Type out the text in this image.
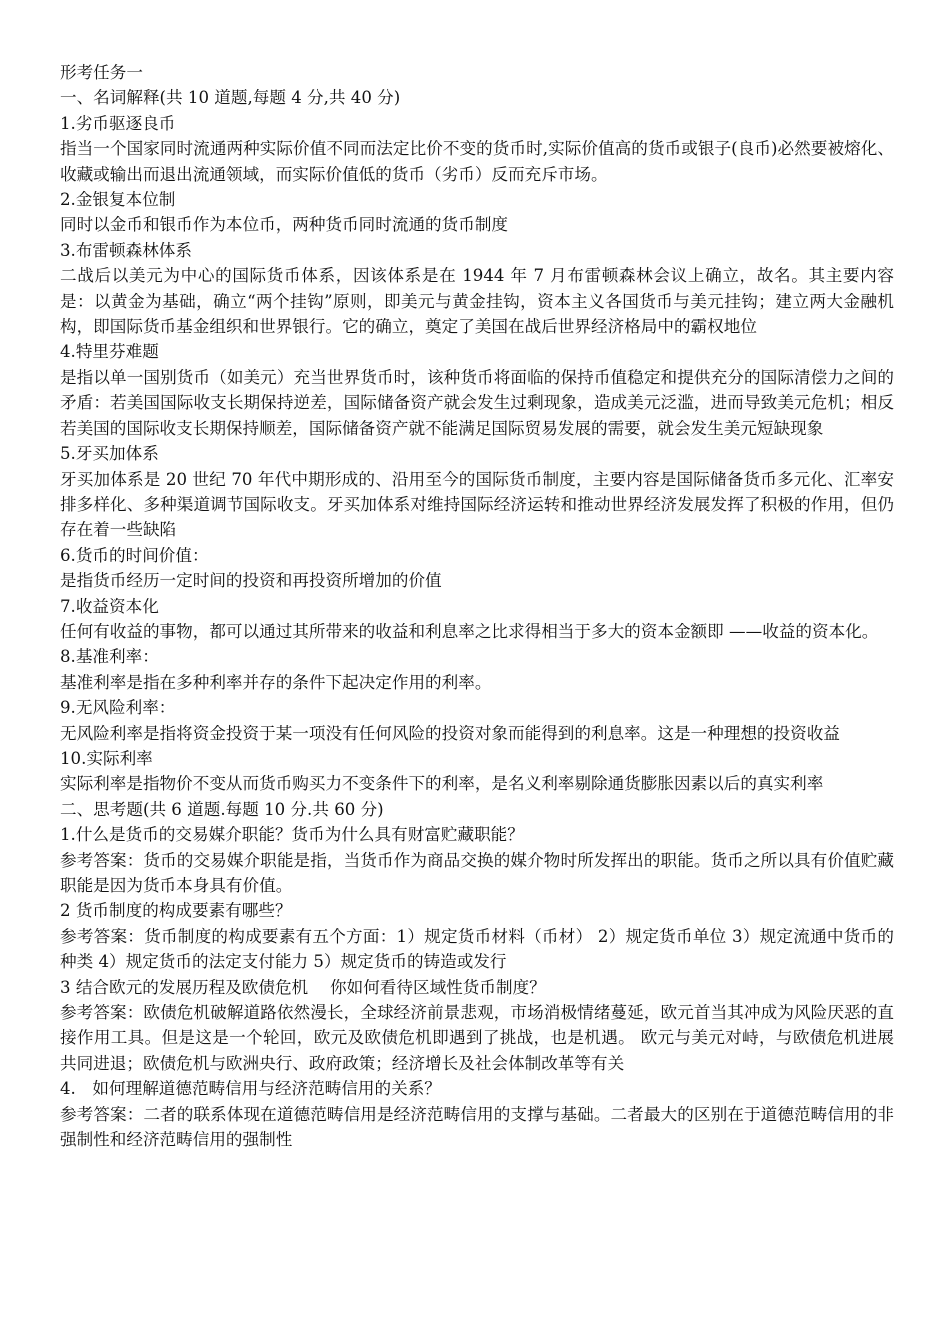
形考任务一

一、名词解释(共 10 道题,每题 4 分,共 40 分)

1.劣币驱逐良币

指当一个国家同时流通两种实际价值不同而法定比价不变的货币时,实际价值高的货币或银子(良币)必然要被熔化、收藏或输出而退出流通领域，而实际价值低的货币（劣币）反而充斥市场。

2.金银复本位制

同时以金币和银币作为本位币，两种货币同时流通的货币制度

3.布雷顿森林体系

二战后以美元为中心的国际货币体系，因该体系是在 1944 年 7 月布雷顿森林会议上确立，故名。其主要内容是：以黄金为基础，确立“两个挂钩”原则，即美元与黄金挂钩，资本主义各国货币与美元挂钩；建立两大金融机构，即国际货币基金组织和世界银行。它的确立，奠定了美国在战后世界经济格局中的霸权地位

4.特里芬难题

是指以单一国别货币（如美元）充当世界货币时，该种货币将面临的保持币值稳定和提供充分的国际清偿力之间的矛盾：若美国国际收支长期保持逆差，国际储备资产就会发生过剩现象，造成美元泛滥，进而导致美元危机；相反若美国的国际收支长期保持顺差，国际储备资产就不能满足国际贸易发展的需要，就会发生美元短缺现象

5.牙买加体系

牙买加体系是 20 世纪 70 年代中期形成的、沿用至今的国际货币制度，主要内容是国际储备货币多元化、汇率安排多样化、多种渠道调节国际收支。牙买加体系对维持国际经济运转和推动世界经济发展发挥了积极的作用，但仍存在着一些缺陷

6.货币的时间价值：

是指货币经历一定时间的投资和再投资所增加的价值

7.收益资本化

任何有收益的事物，都可以通过其所带来的收益和利息率之比求得相当于多大的资本金额即 ——收益的资本化。

8.基准利率：

基准利率是指在多种利率并存的条件下起决定作用的利率。

9.无风险利率：

无风险利率是指将资金投资于某一项没有任何风险的投资对象而能得到的利息率。这是一种理想的投资收益

10.实际利率

实际利率是指物价不变从而货币购买力不变条件下的利率，是名义利率剔除通货膨胀因素以后的真实利率

二、思考题(共 6 道题.每题 10 分.共 60 分)

1.什么是货币的交易媒介职能？货币为什么具有财富贮藏职能？

参考答案：货币的交易媒介职能是指，当货币作为商品交换的媒介物时所发挥出的职能。货币之所以具有价值贮藏职能是因为货币本身具有价值。

2 货币制度的构成要素有哪些？

参考答案：货币制度的构成要素有五个方面：1）规定货币材料（币材） 2）规定货币单位 3）规定流通中货币的种类 4）规定货币的法定支付能力 5）规定货币的铸造或发行

3 结合欧元的发展历程及欧债危机　 你如何看待区域性货币制度？

参考答案：欧债危机破解道路依然漫长，全球经济前景悲观，市场消极情绪蔓延，欧元首当其冲成为风险厌恶的直接作用工具。但是这是一个轮回，欧元及欧债危机即遇到了挑战，也是机遇。 欧元与美元对峙，与欧债危机进展共同进退；欧债危机与欧洲央行、政府政策；经济增长及社会体制改革等有关

4.　如何理解道德范畴信用与经济范畴信用的关系？

参考答案：二者的联系体现在道德范畴信用是经济范畴信用的支撑与基础。二者最大的区别在于道德范畴信用的非强制性和经济范畴信用的强制性
